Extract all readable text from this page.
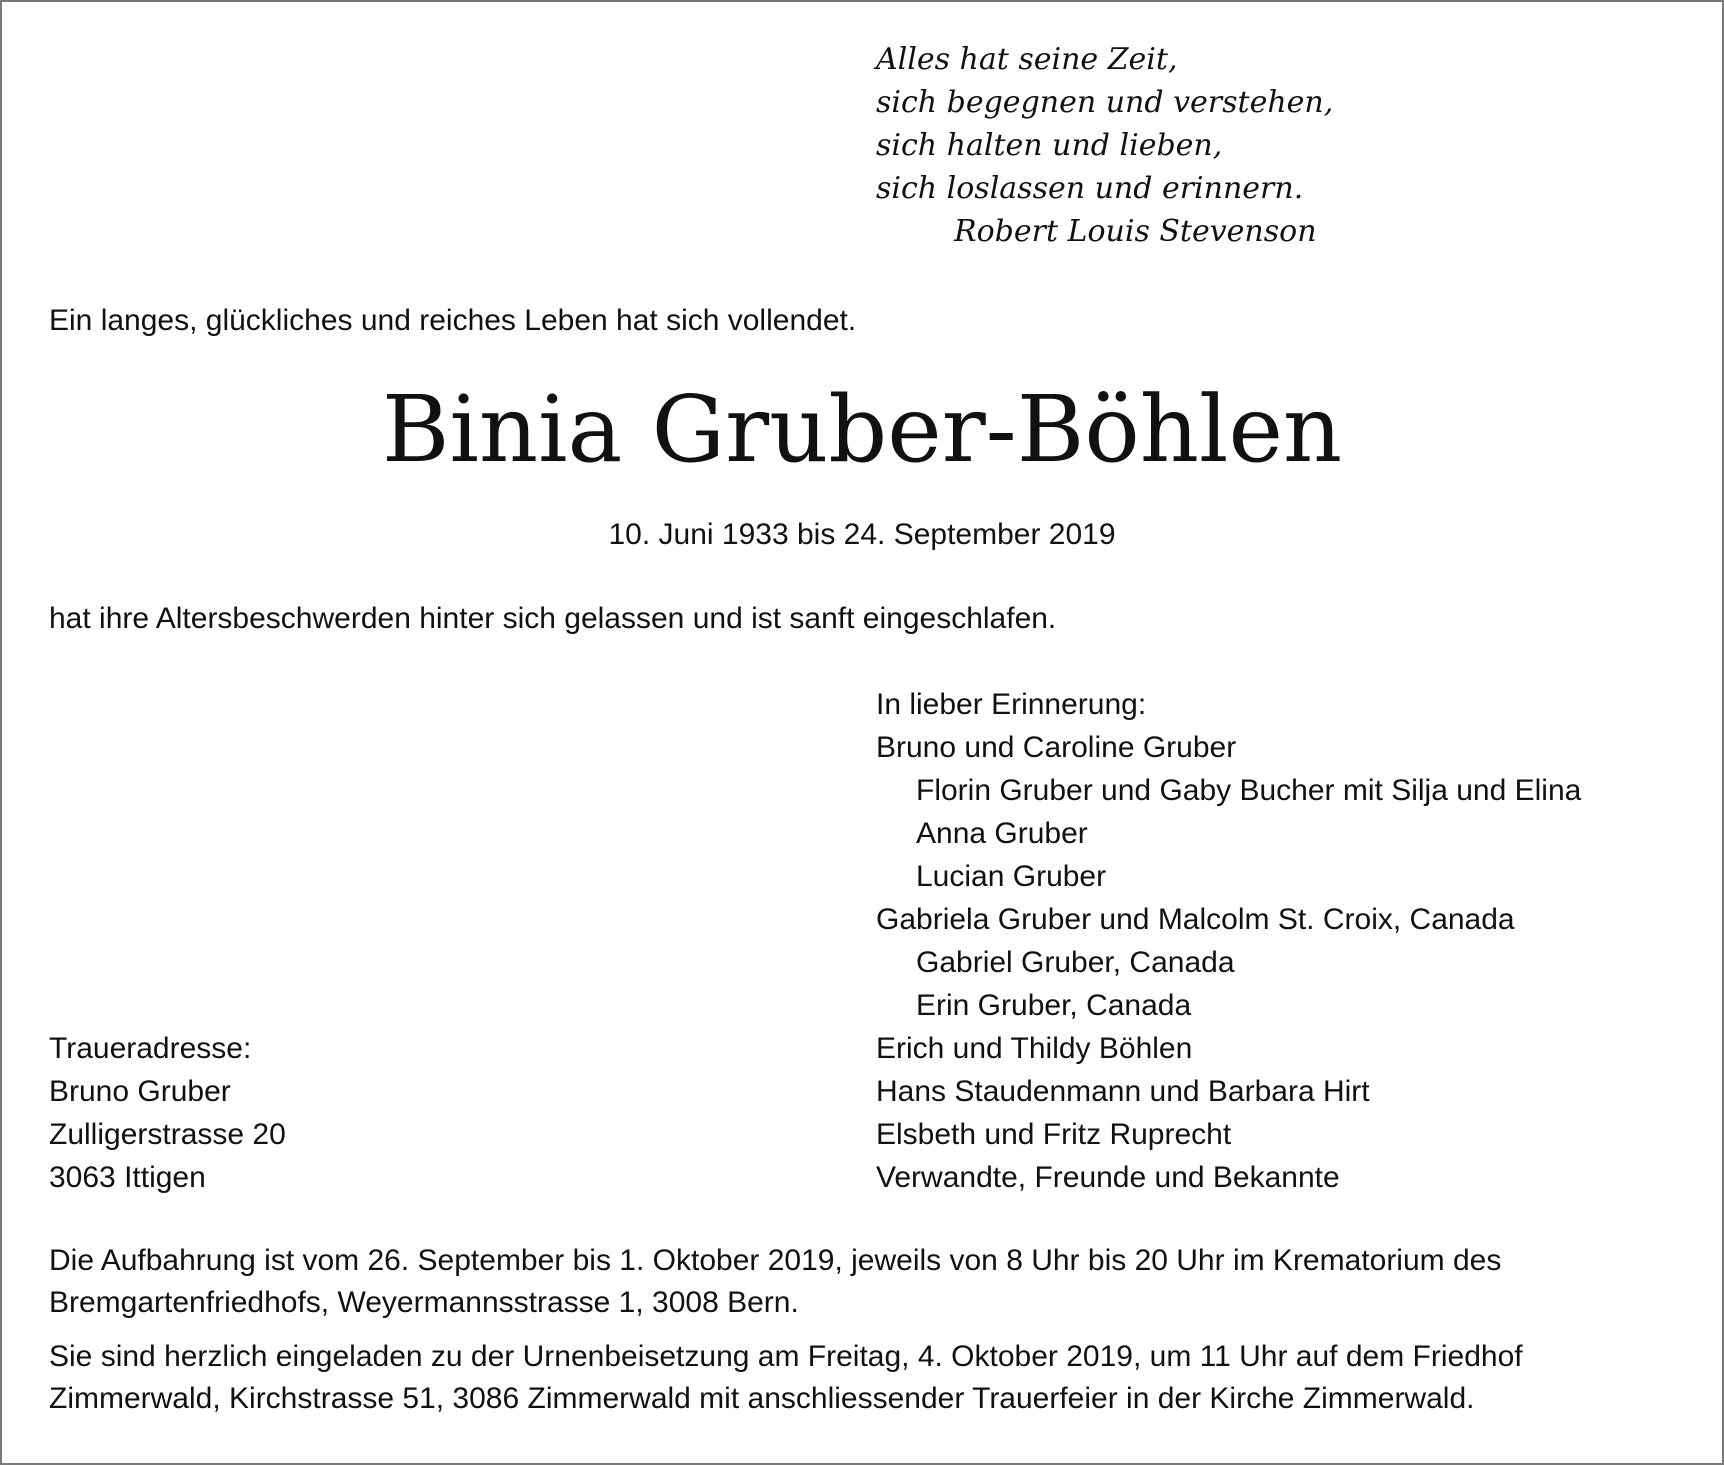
Alles hat seine Zeit,
sich begegnen und verstehen,
sich halten und lieben,
sich loslassen und erinnern.
Robert Louis Stevenson
Ein langes, glückliches und reiches Leben hat sich vollendet.
Binia Gruber-Böhlen
10. Juni 1933 bis 24. September 2019
hat ihre Altersbeschwerden hinter sich gelassen und ist sanft eingeschlafen.
In lieber Erinnerung:
Bruno und Caroline Gruber
Florin Gruber und Gaby Bucher mit Silja und Elina
Anna Gruber
Lucian Gruber
Gabriela Gruber und Malcolm St. Croix, Canada
Gabriel Gruber, Canada
Erin Gruber, Canada
Erich und Thildy Böhlen
Hans Staudenmann und Barbara Hirt
Elsbeth und Fritz Ruprecht
Verwandte, Freunde und Bekannte
Traueradresse:
Bruno Gruber
Zulligerstrasse 20
3063 Ittigen

Die Aufbahrung ist vom 26. September bis 1. Oktober 2019, jeweils von 8 Uhr bis 20 Uhr im Krematorium des Bremgartenfriedhofs, Weyermannsstrasse 1, 3008 Bern.

Sie sind herzlich eingeladen zu der Urnenbeisetzung am Freitag, 4. Oktober 2019, um 11 Uhr auf dem Friedhof Zimmerwald, Kirchstrasse 51, 3086 Zimmerwald mit anschliessender Trauerfeier in der Kirche Zimmerwald.
